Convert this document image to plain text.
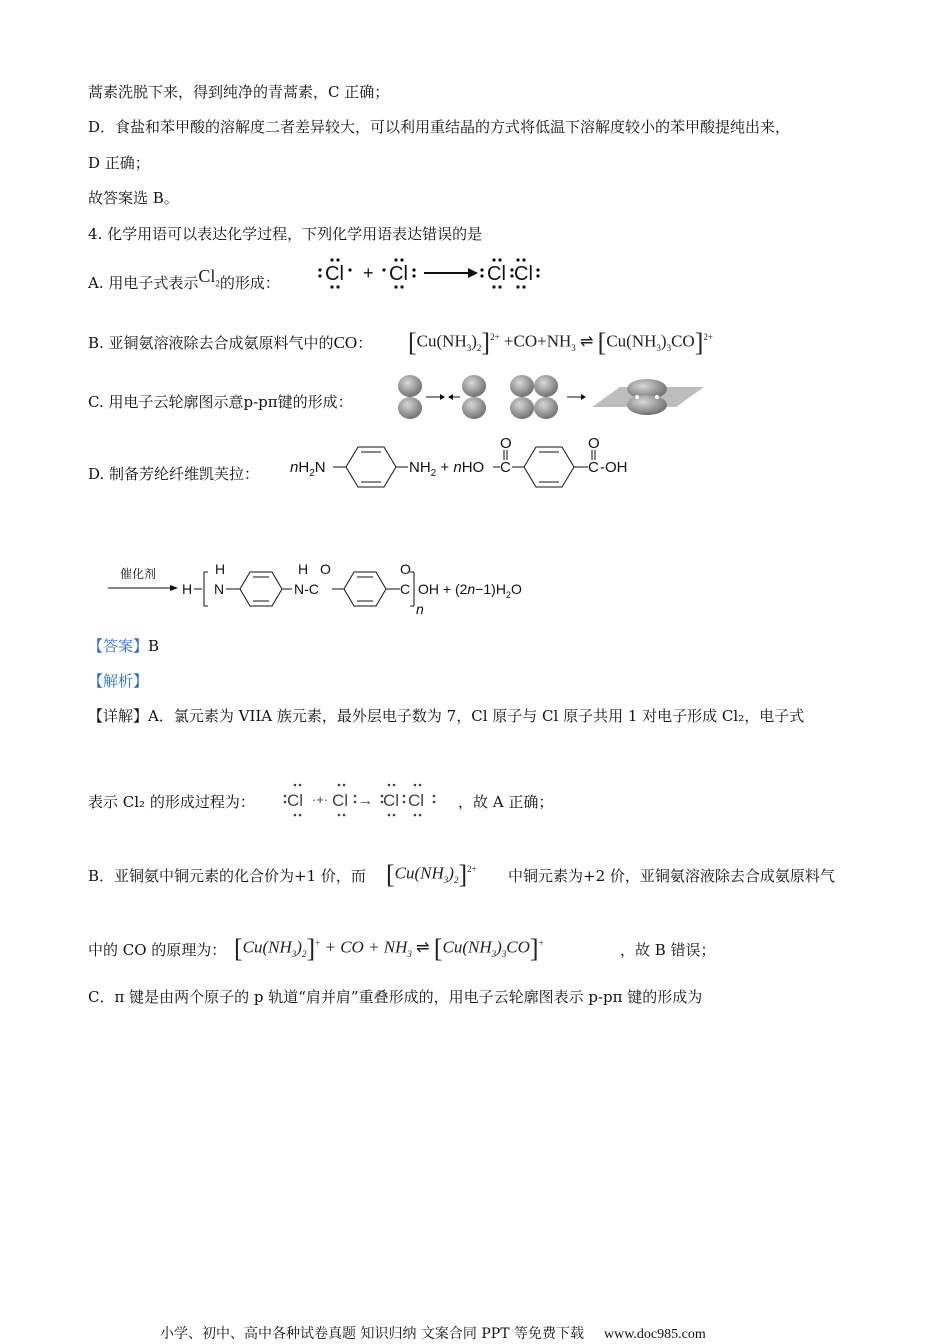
蒿素洗脱下来，得到纯净的青蒿素，C 正确；
D．食盐和苯甲酸的溶解度二者差异较大，可以利用重结晶的方式将低温下溶解度较小的苯甲酸提纯出来，
D 正确；
故答案选 B。
4. 化学用语可以表达化学过程，下列化学用语表达错误的是
A. 用电子式表示$Cl_2$的形成： Cl + Cl	Cl Cl
B. 亚铜氨溶液除去合成氨原料气中的CO： $[Cu(NH_3)_2]^{2+} +CO+NH_3$ ⇌ $[Cu(NH_3)_3CO]^{2+}$
C. 用电子云轮廓图示意p-pπ键的形成：
D. 制备芳纶纤维凯芙拉： $nH_2N$	$NH_2$ + nHO C
O
C
O
-OH
催化剂
H
H
N
H
N-C
O
C
O
n
OH + $(2n-1)H_2O$
【答案】B
【解析】
【详解】A．氯元素为 VIIA 族元素，最外层电子数为 7，Cl 原子与 Cl 原子共用 1 对电子形成 Cl₂，电子式
表示 Cl₂ 的形成过程为： Cl ·+· Cl → Cl Cl ，故 A 正确；
B．亚铜氨中铜元素的化合价为+1 价，而 $[Cu(NH_3)_2]^{2+}$ 中铜元素为+2 价，亚铜氨溶液除去合成氨原料气
中的 CO 的原理为： $[Cu(NH_3)_2]^+$ + CO + $NH_3$ ⇌ $[Cu(NH_3)_3CO]^+$	，故 B 错误；
C．π 键是由两个原子的 p 轨道“肩并肩”重叠形成的，用电子云轮廓图表示 p-pπ 键的形成为
小学、初中、高中各种试卷真题 知识归纳 文案合同 PPT 等免费下载 www.doc985.com
